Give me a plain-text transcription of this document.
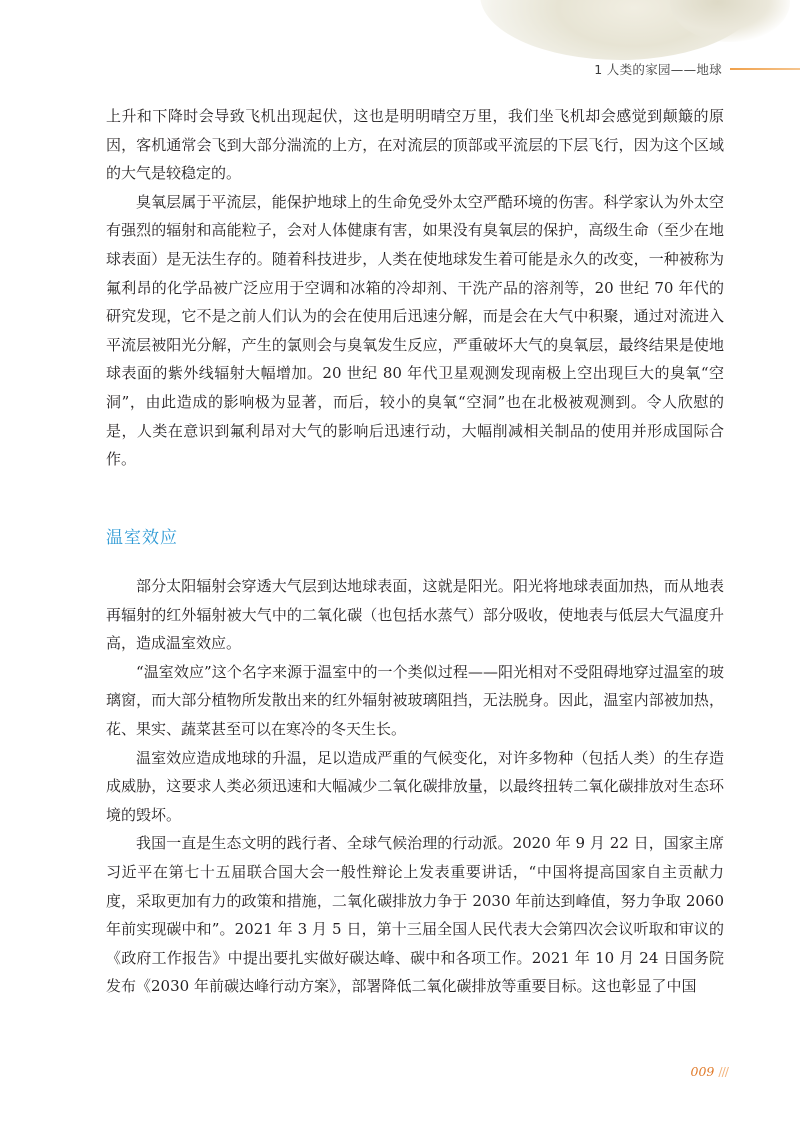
1 人类的家园——地球

上升和下降时会导致飞机出现起伏，这也是明明晴空万里，我们坐飞机却会感觉到颠簸的原因，客机通常会飞到大部分湍流的上方，在对流层的顶部或平流层的下层飞行，因为这个区域的大气是较稳定的。

臭氧层属于平流层，能保护地球上的生命免受外太空严酷环境的伤害。科学家认为外太空有强烈的辐射和高能粒子，会对人体健康有害，如果没有臭氧层的保护，高级生命（至少在地球表面）是无法生存的。随着科技进步，人类在使地球发生着可能是永久的改变，一种被称为氟利昂的化学品被广泛应用于空调和冰箱的冷却剂、干洗产品的溶剂等，20 世纪 70 年代的研究发现，它不是之前人们认为的会在使用后迅速分解，而是会在大气中积聚，通过对流进入平流层被阳光分解，产生的氯则会与臭氧发生反应，严重破坏大气的臭氧层，最终结果是使地球表面的紫外线辐射大幅增加。20 世纪 80 年代卫星观测发现南极上空出现巨大的臭氧“空洞”，由此造成的影响极为显著，而后，较小的臭氧“空洞”也在北极被观测到。令人欣慰的是，人类在意识到氟利昂对大气的影响后迅速行动，大幅削减相关制品的使用并形成国际合作。

温室效应

部分太阳辐射会穿透大气层到达地球表面，这就是阳光。阳光将地球表面加热，而从地表再辐射的红外辐射被大气中的二氧化碳（也包括水蒸气）部分吸收，使地表与低层大气温度升高，造成温室效应。

“温室效应”这个名字来源于温室中的一个类似过程——阳光相对不受阻碍地穿过温室的玻璃窗，而大部分植物所发散出来的红外辐射被玻璃阻挡，无法脱身。因此，温室内部被加热，花、果实、蔬菜甚至可以在寒冷的冬天生长。

温室效应造成地球的升温，足以造成严重的气候变化，对许多物种（包括人类）的生存造成威胁，这要求人类必须迅速和大幅减少二氧化碳排放量，以最终扭转二氧化碳排放对生态环境的毁坏。

我国一直是生态文明的践行者、全球气候治理的行动派。2020 年 9 月 22 日，国家主席习近平在第七十五届联合国大会一般性辩论上发表重要讲话，“中国将提高国家自主贡献力度，采取更加有力的政策和措施，二氧化碳排放力争于 2030 年前达到峰值，努力争取 2060 年前实现碳中和”。2021 年 3 月 5 日，第十三届全国人民代表大会第四次会议听取和审议的《政府工作报告》中提出要扎实做好碳达峰、碳中和各项工作。2021 年 10 月 24 日国务院发布《2030 年前碳达峰行动方案》，部署降低二氧化碳排放等重要目标。这也彰显了中国

009 ///
